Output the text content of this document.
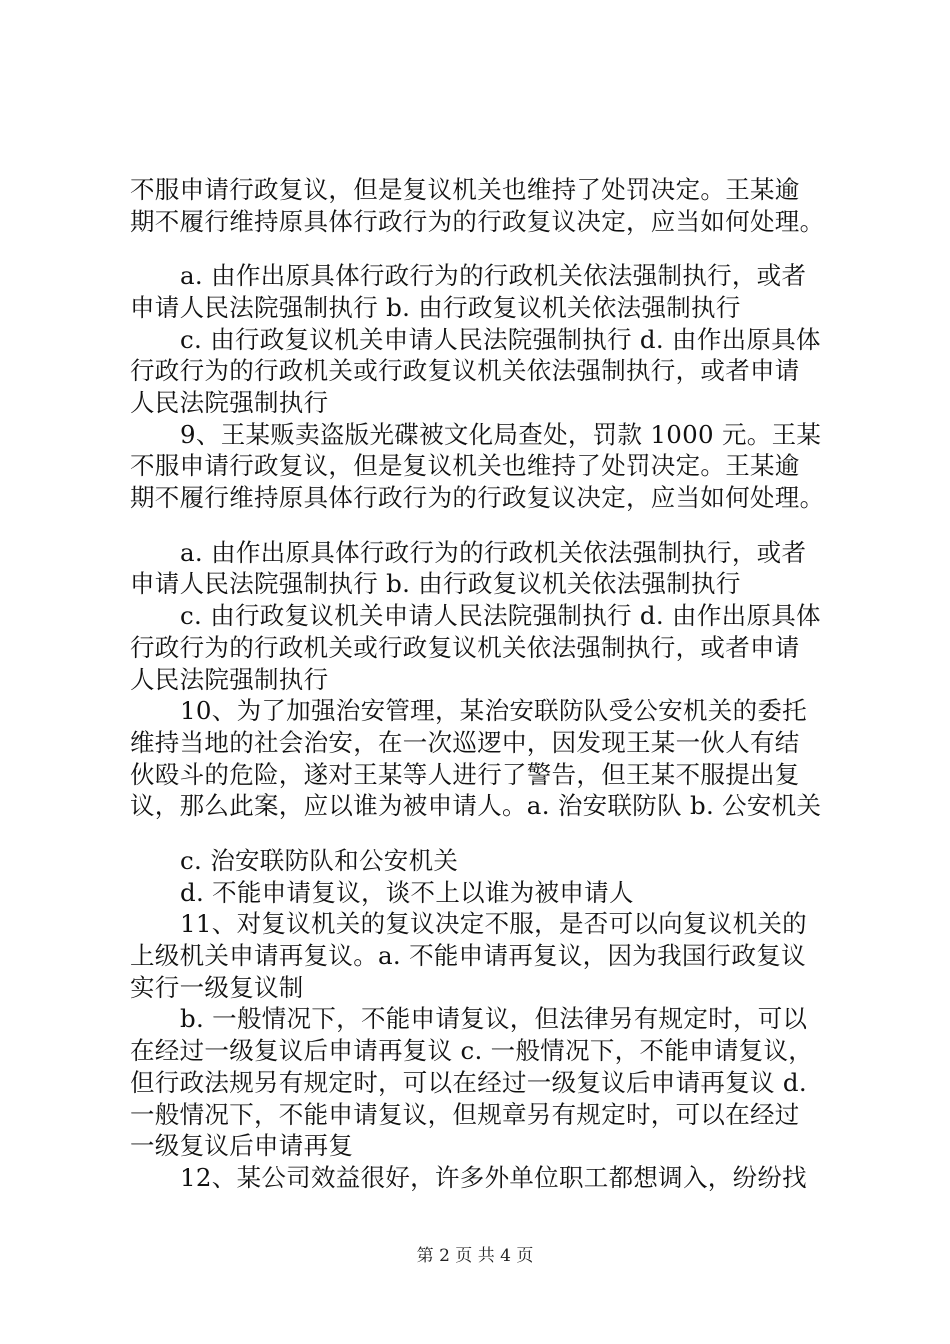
不服申请行政复议，但是复议机关也维持了处罚决定。王某逾
期不履行维持原具体行政行为的行政复议决定，应当如何处理。
a. 由作出原具体行政行为的行政机关依法强制执行，或者
申请人民法院强制执行 b. 由行政复议机关依法强制执行
c. 由行政复议机关申请人民法院强制执行 d. 由作出原具体
行政行为的行政机关或行政复议机关依法强制执行，或者申请
人民法院强制执行
9、王某贩卖盗版光碟被文化局查处，罚款 1000 元。王某
不服申请行政复议，但是复议机关也维持了处罚决定。王某逾
期不履行维持原具体行政行为的行政复议决定，应当如何处理。
a. 由作出原具体行政行为的行政机关依法强制执行，或者
申请人民法院强制执行 b. 由行政复议机关依法强制执行
c. 由行政复议机关申请人民法院强制执行 d. 由作出原具体
行政行为的行政机关或行政复议机关依法强制执行，或者申请
人民法院强制执行
10、为了加强治安管理，某治安联防队受公安机关的委托
维持当地的社会治安，在一次巡逻中，因发现王某一伙人有结
伙殴斗的危险，遂对王某等人进行了警告，但王某不服提出复
议，那么此案，应以谁为被申请人。a. 治安联防队 b. 公安机关
c. 治安联防队和公安机关
d. 不能申请复议，谈不上以谁为被申请人
11、对复议机关的复议决定不服，是否可以向复议机关的
上级机关申请再复议。a. 不能申请再复议，因为我国行政复议
实行一级复议制
b. 一般情况下，不能申请复议，但法律另有规定时，可以
在经过一级复议后申请再复议 c. 一般情况下，不能申请复议，
但行政法规另有规定时，可以在经过一级复议后申请再复议 d.
一般情况下，不能申请复议，但规章另有规定时，可以在经过
一级复议后申请再复
12、某公司效益很好，许多外单位职工都想调入，纷纷找
第 2 页 共 4 页
